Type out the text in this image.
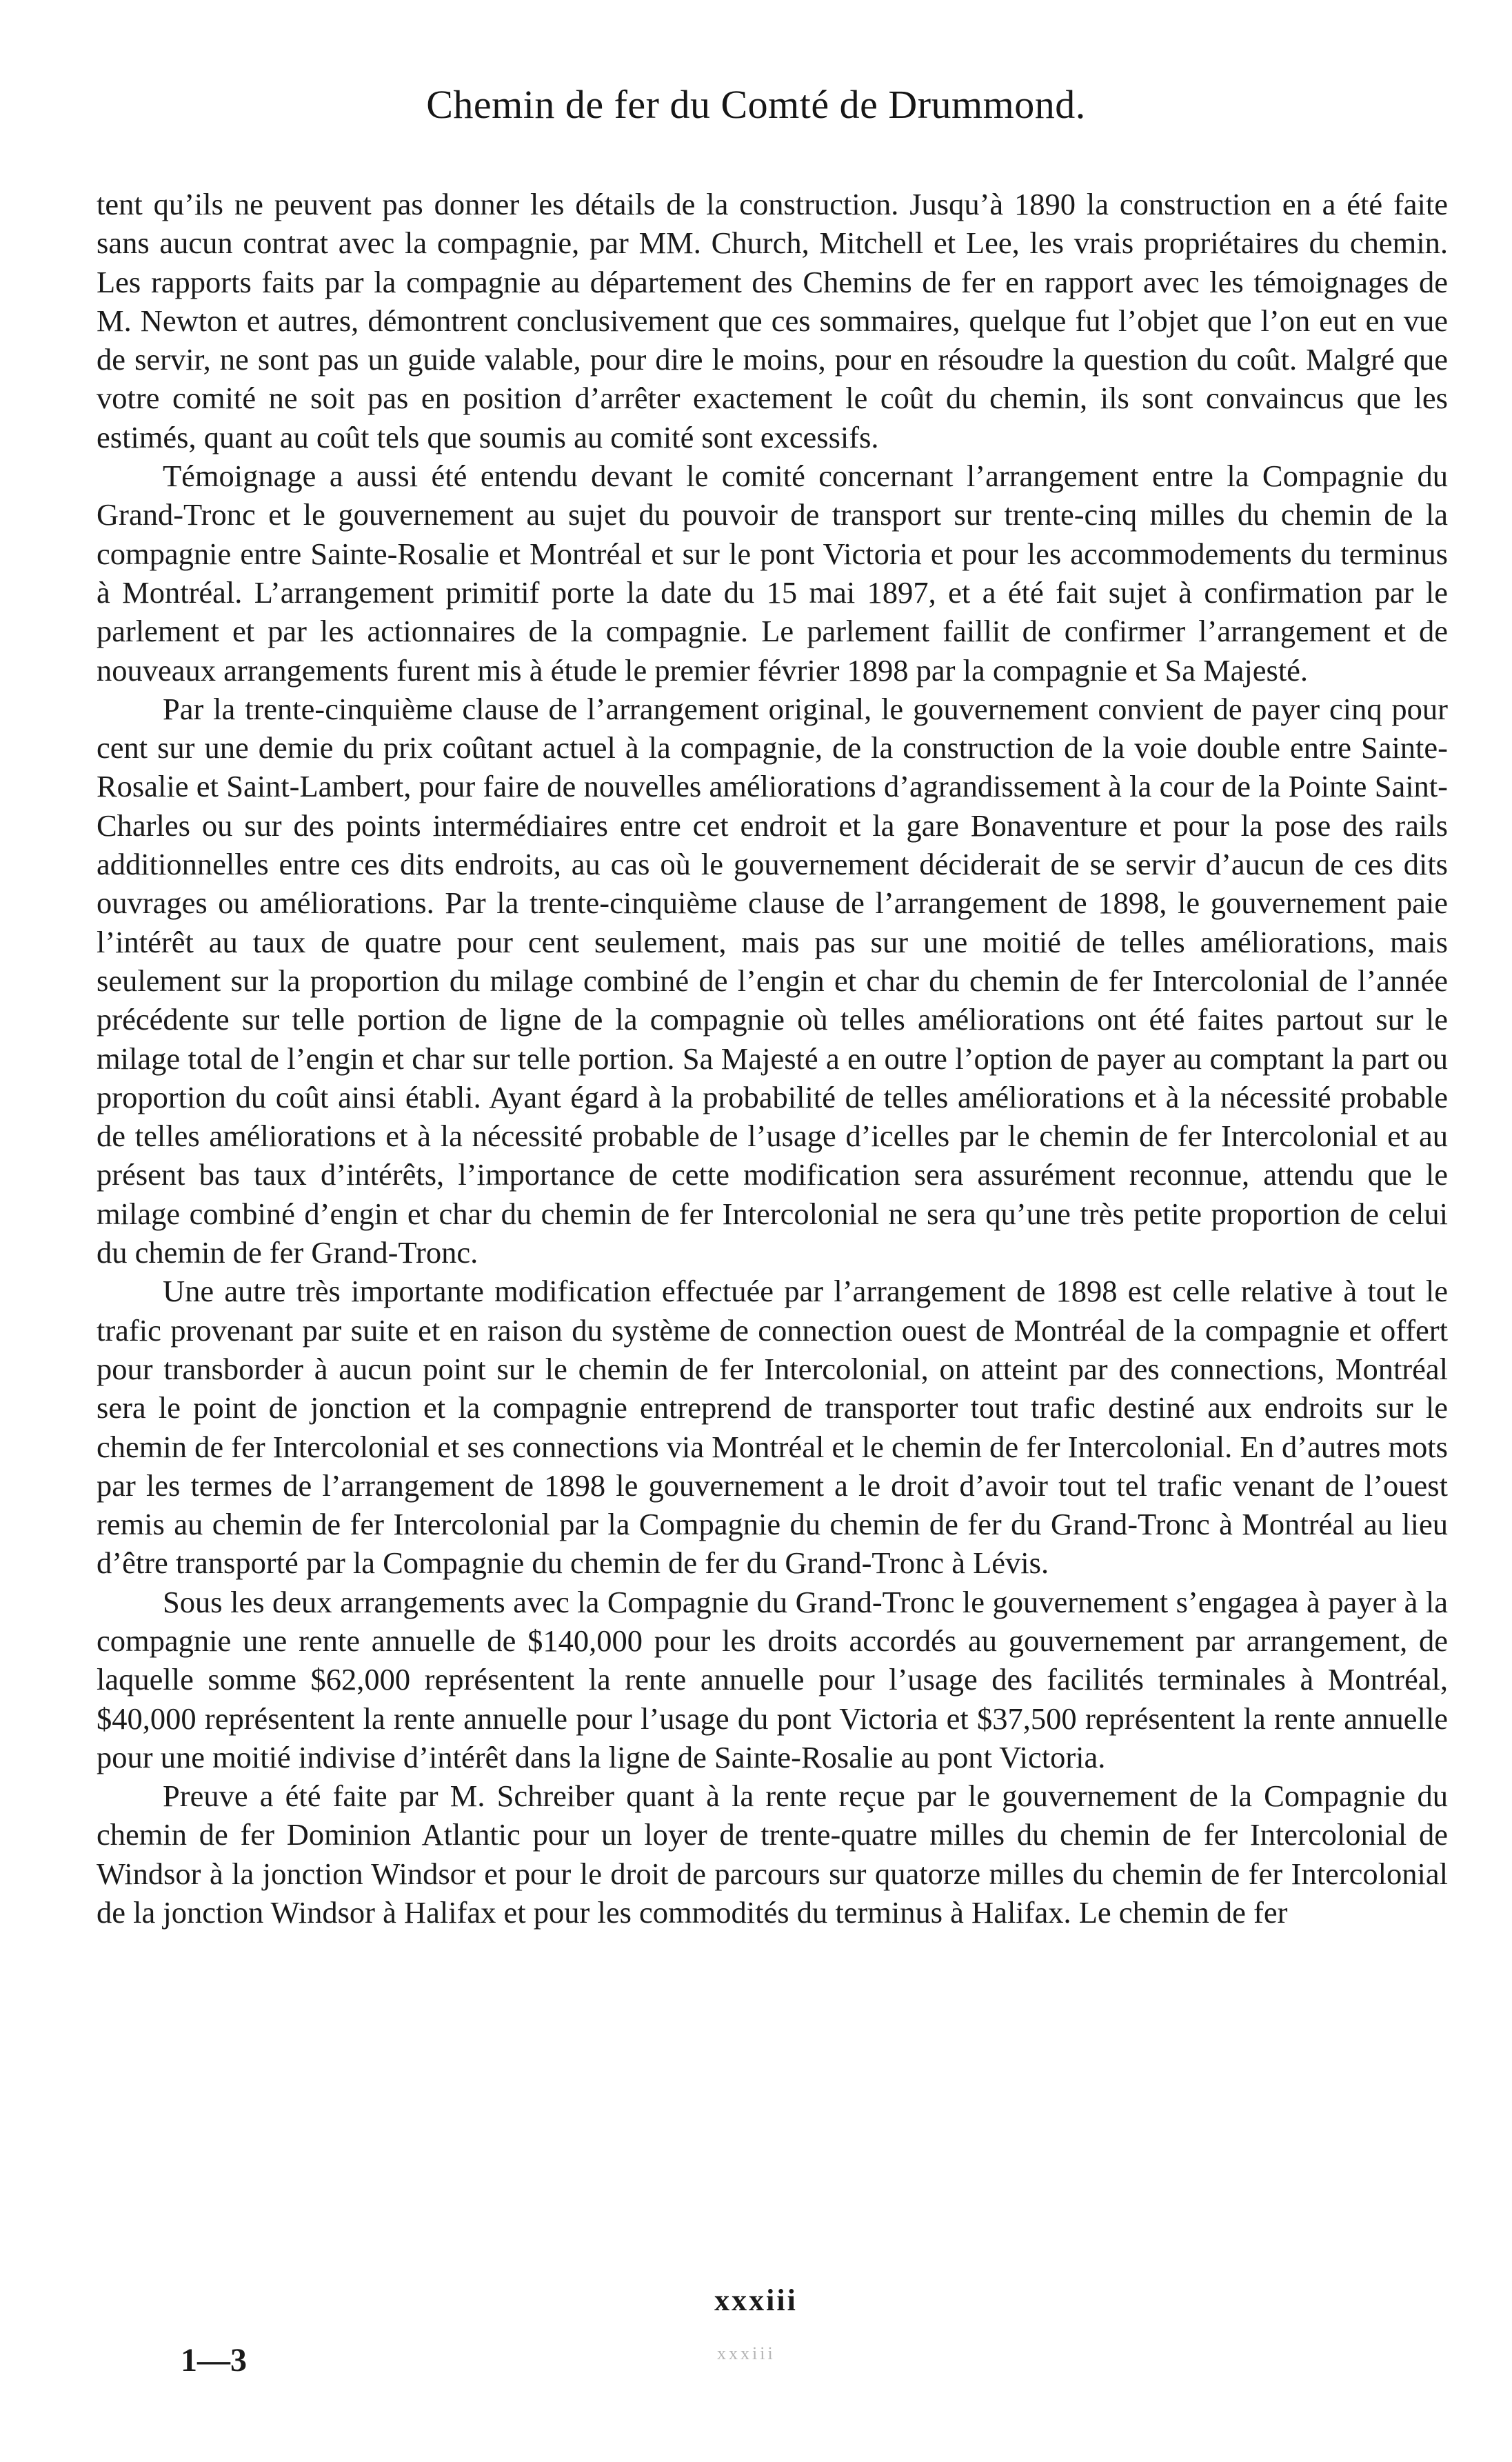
Chemin de fer du Comté de Drummond.

tent qu’ils ne peuvent pas donner les détails de la construction. Jusqu’à 1890 la construction en a été faite sans aucun contrat avec la compagnie, par MM. Church, Mitchell et Lee, les vrais propriétaires du chemin. Les rapports faits par la compagnie au département des Chemins de fer en rapport avec les témoignages de M. Newton et autres, démontrent conclusivement que ces sommaires, quelque fut l’objet que l’on eut en vue de servir, ne sont pas un guide valable, pour dire le moins, pour en résoudre la question du coût. Malgré que votre comité ne soit pas en position d’arrêter exactement le coût du chemin, ils sont convaincus que les estimés, quant au coût tels que soumis au comité sont excessifs.

Témoignage a aussi été entendu devant le comité concernant l’arrangement entre la Compagnie du Grand-Tronc et le gouvernement au sujet du pouvoir de transport sur trente-cinq milles du chemin de la compagnie entre Sainte-Rosalie et Montréal et sur le pont Victoria et pour les accommodements du terminus à Montréal. L’arrangement primitif porte la date du 15 mai 1897, et a été fait sujet à confirmation par le parlement et par les actionnaires de la compagnie. Le parlement faillit de confirmer l’arrangement et de nouveaux arrangements furent mis à étude le premier février 1898 par la compagnie et Sa Majesté.

Par la trente-cinquième clause de l’arrangement original, le gouvernement convient de payer cinq pour cent sur une demie du prix coûtant actuel à la compagnie, de la construction de la voie double entre Sainte-Rosalie et Saint-Lambert, pour faire de nouvelles améliorations d’agrandissement à la cour de la Pointe Saint-Charles ou sur des points intermédiaires entre cet endroit et la gare Bonaventure et pour la pose des rails additionnelles entre ces dits endroits, au cas où le gouvernement déciderait de se servir d’aucun de ces dits ouvrages ou améliorations. Par la trente-cinquième clause de l’arrangement de 1898, le gouvernement paie l’intérêt au taux de quatre pour cent seulement, mais pas sur une moitié de telles améliorations, mais seulement sur la proportion du milage combiné de l’engin et char du chemin de fer Intercolonial de l’année précédente sur telle portion de ligne de la compagnie où telles améliorations ont été faites partout sur le milage total de l’engin et char sur telle portion. Sa Majesté a en outre l’option de payer au comptant la part ou proportion du coût ainsi établi. Ayant égard à la probabilité de telles améliorations et à la nécessité probable de telles améliorations et à la nécessité probable de l’usage d’icelles par le chemin de fer Intercolonial et au présent bas taux d’intérêts, l’importance de cette modification sera assurément reconnue, attendu que le milage combiné d’engin et char du chemin de fer Intercolonial ne sera qu’une très petite proportion de celui du chemin de fer Grand-Tronc.

Une autre très importante modification effectuée par l’arrangement de 1898 est celle relative à tout le trafic provenant par suite et en raison du système de connection ouest de Montréal de la compagnie et offert pour transborder à aucun point sur le chemin de fer Intercolonial, on atteint par des connections, Montréal sera le point de jonction et la compagnie entreprend de transporter tout trafic destiné aux endroits sur le chemin de fer Intercolonial et ses connections via Montréal et le chemin de fer Intercolonial. En d’autres mots par les termes de l’arrangement de 1898 le gouvernement a le droit d’avoir tout tel trafic venant de l’ouest remis au chemin de fer Intercolonial par la Compagnie du chemin de fer du Grand-Tronc à Montréal au lieu d’être transporté par la Compagnie du chemin de fer du Grand-Tronc à Lévis.

Sous les deux arrangements avec la Compagnie du Grand-Tronc le gouvernement s’engagea à payer à la compagnie une rente annuelle de $140,000 pour les droits accordés au gouvernement par arrangement, de laquelle somme $62,000 représentent la rente annuelle pour l’usage des facilités terminales à Montréal, $40,000 représentent la rente annuelle pour l’usage du pont Victoria et $37,500 représentent la rente annuelle pour une moitié indivise d’intérêt dans la ligne de Sainte-Rosalie au pont Victoria.

Preuve a été faite par M. Schreiber quant à la rente reçue par le gouvernement de la Compagnie du chemin de fer Dominion Atlantic pour un loyer de trente-quatre milles du chemin de fer Intercolonial de Windsor à la jonction Windsor et pour le droit de parcours sur quatorze milles du chemin de fer Intercolonial de la jonction Windsor à Halifax et pour les commodités du terminus à Halifax. Le chemin de fer

xxxiii
1—3	xxxiii
